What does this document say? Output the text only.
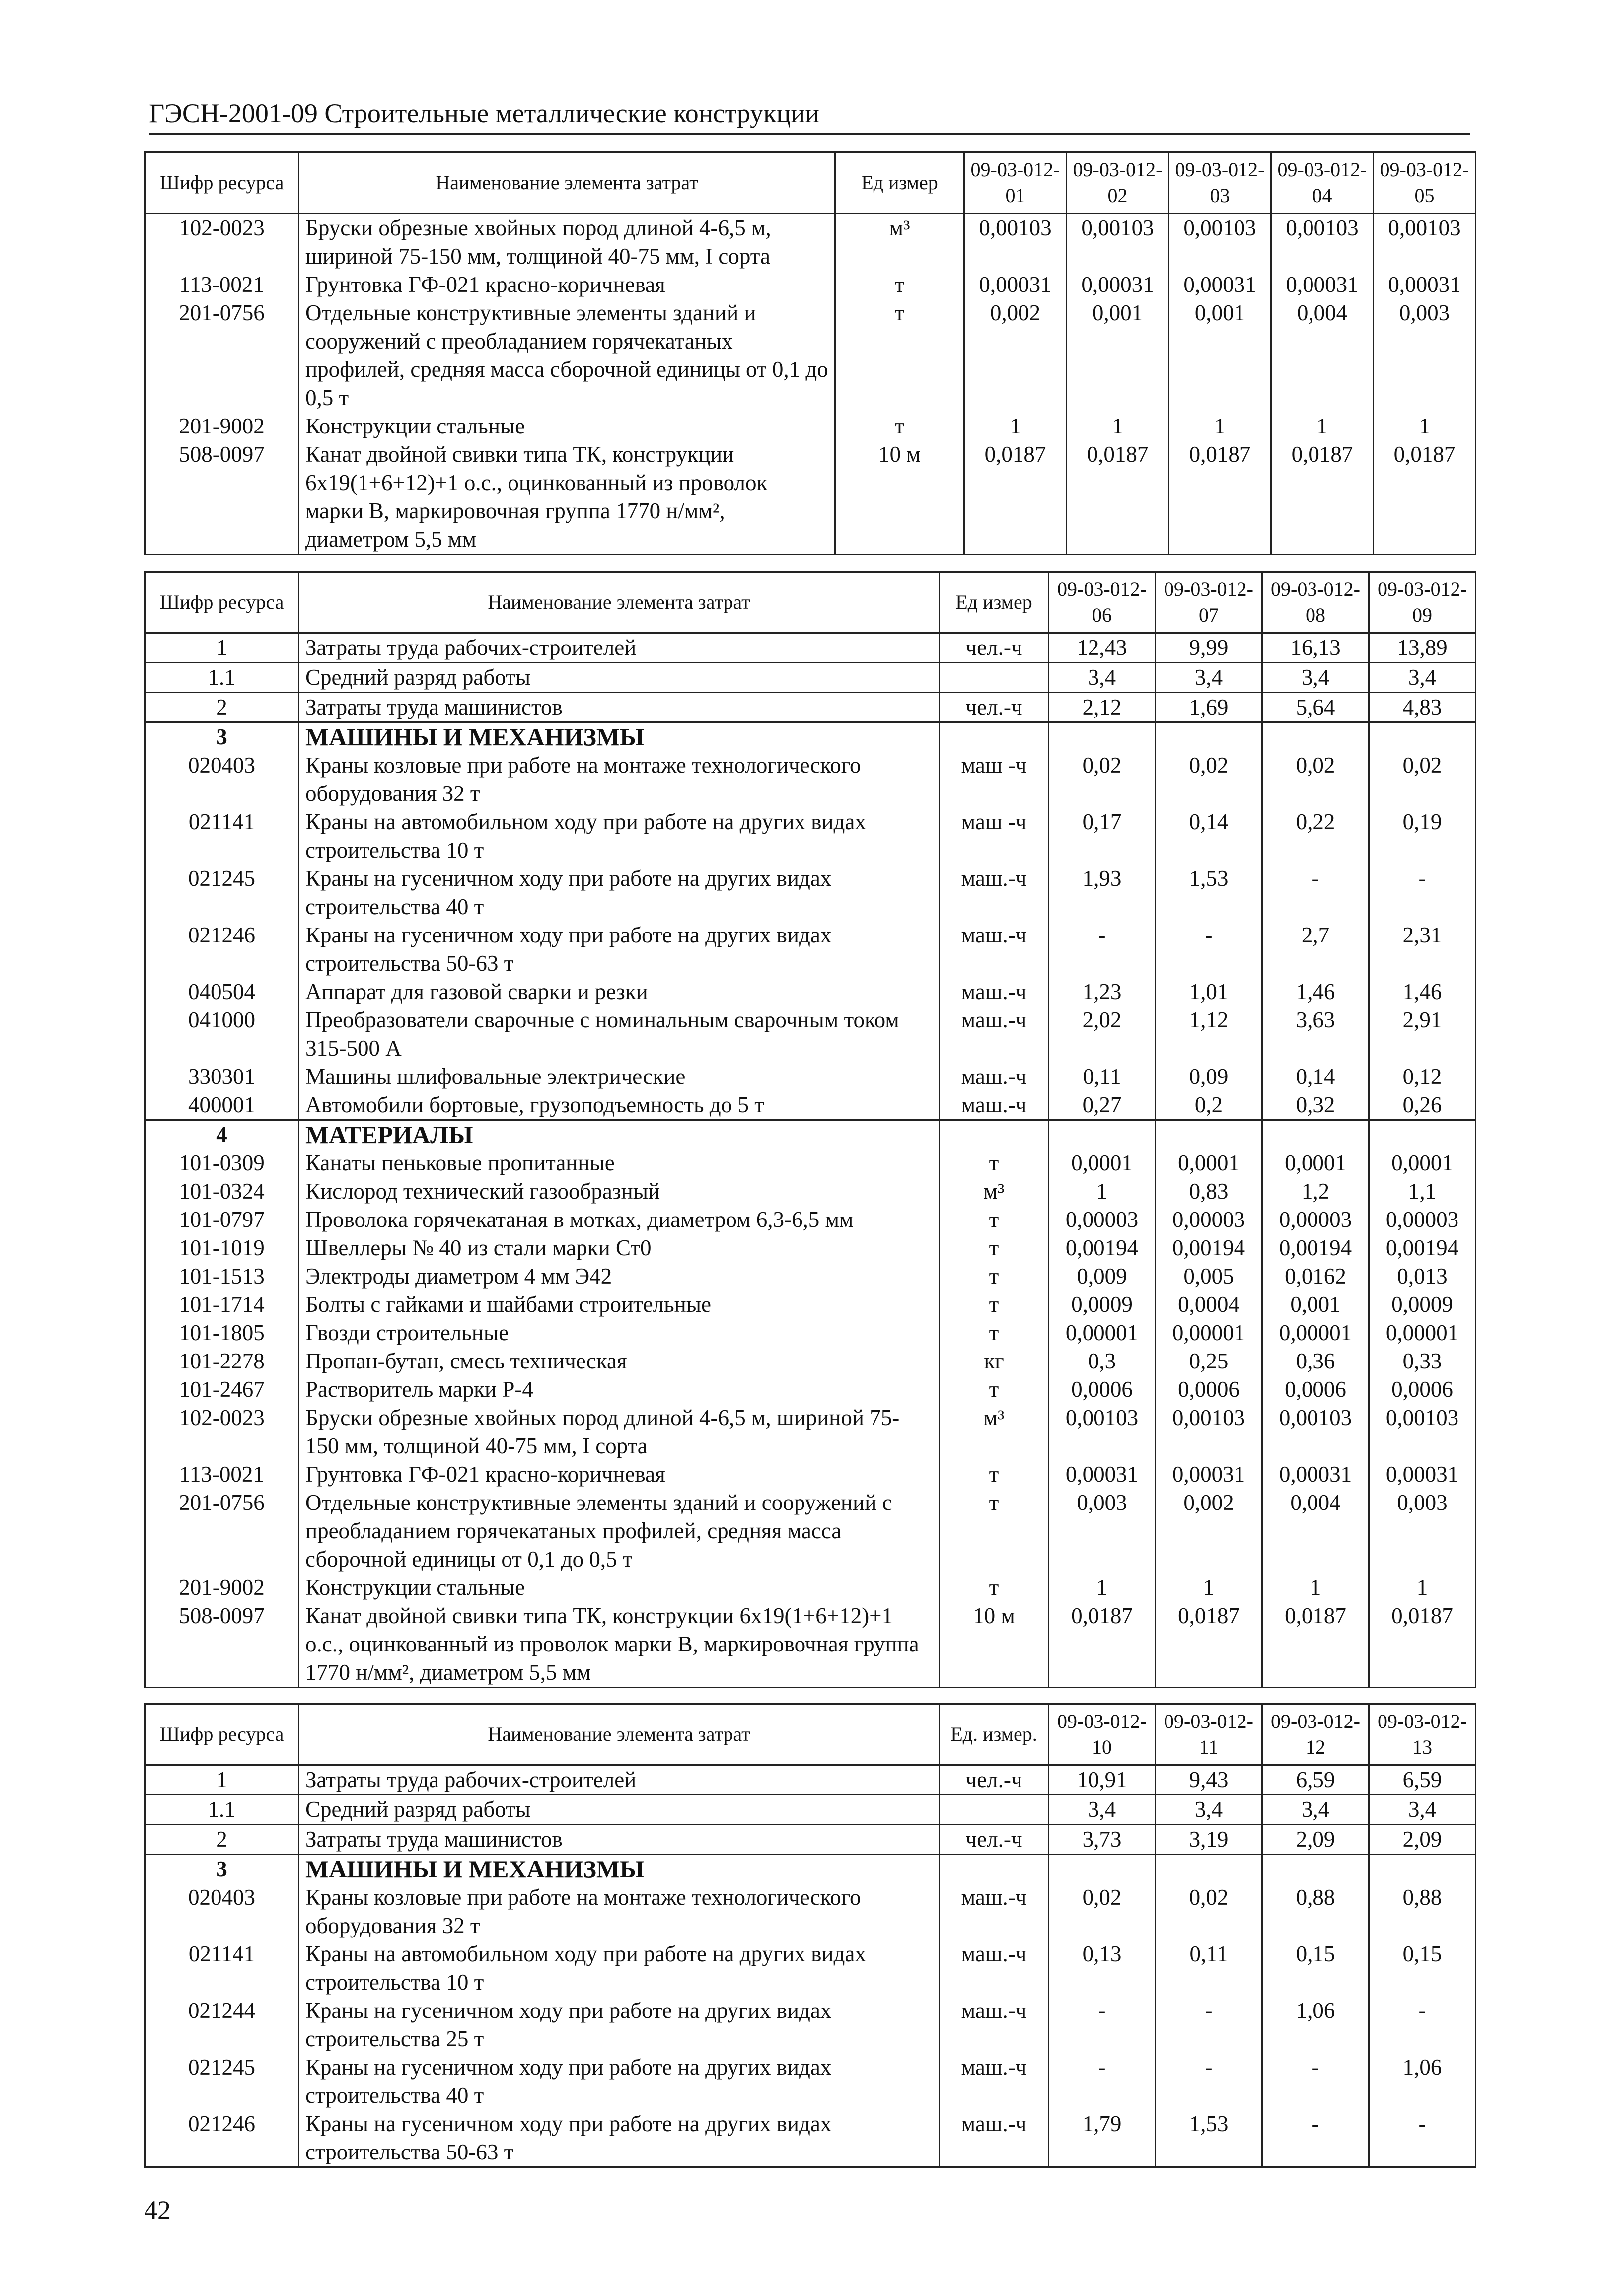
ГЭСН-2001-09 Строительные металлические конструкции
Шифр ресурса	Наименование элемента затрат	Ед измер	09-03-012-01	09-03-012-02	09-03-012-03	09-03-012-04	09-03-012-05
102-0023	Бруски обрезные хвойных пород длиной 4-6,5 м, шириной 75-150 мм, толщиной 40-75 мм, I сорта	м³	0,00103	0,00103	0,00103	0,00103	0,00103
113-0021	Грунтовка ГФ-021 красно-коричневая	т	0,00031	0,00031	0,00031	0,00031	0,00031
201-0756	Отдельные конструктивные элементы зданий и сооружений с преобладанием горячекатаных профилей, средняя масса сборочной единицы от 0,1 до 0,5 т	т	0,002	0,001	0,001	0,004	0,003
201-9002	Конструкции стальные	т	1	1	1	1	1
508-0097	Канат двойной свивки типа ТК, конструкции 6х19(1+6+12)+1 о.с., оцинкованный из проволок марки В, маркировочная группа 1770 н/мм², диаметром 5,5 мм	10 м	0,0187	0,0187	0,0187	0,0187	0,0187
Шифр ресурса	Наименование элемента затрат	Ед измер	09-03-012-06	09-03-012-07	09-03-012-08	09-03-012-09
1	Затраты труда рабочих-строителей	чел.-ч	12,43	9,99	16,13	13,89
1.1	Средний разряд работы		3,4	3,4	3,4	3,4
2	Затраты труда машинистов	чел.-ч	2,12	1,69	5,64	4,83
3	МАШИНЫ И МЕХАНИЗМЫ					
020403	Краны козловые при работе на монтаже технологического оборудования 32 т	маш -ч	0,02	0,02	0,02	0,02
021141	Краны на автомобильном ходу при работе на других видах строительства 10 т	маш -ч	0,17	0,14	0,22	0,19
021245	Краны на гусеничном ходу при работе на других видах строительства 40 т	маш.-ч	1,93	1,53	-	-
021246	Краны на гусеничном ходу при работе на других видах строительства 50-63 т	маш.-ч	-	-	2,7	2,31
040504	Аппарат для газовой сварки и резки	маш.-ч	1,23	1,01	1,46	1,46
041000	Преобразователи сварочные с номинальным сварочным током 315-500 А	маш.-ч	2,02	1,12	3,63	2,91
330301	Машины шлифовальные электрические	маш.-ч	0,11	0,09	0,14	0,12
400001	Автомобили бортовые, грузоподъемность до 5 т	маш.-ч	0,27	0,2	0,32	0,26
4	МАТЕРИАЛЫ					
101-0309	Канаты пеньковые пропитанные	т	0,0001	0,0001	0,0001	0,0001
101-0324	Кислород технический газообразный	м³	1	0,83	1,2	1,1
101-0797	Проволока горячекатаная в мотках, диаметром 6,3-6,5 мм	т	0,00003	0,00003	0,00003	0,00003
101-1019	Швеллеры № 40 из стали марки Ст0	т	0,00194	0,00194	0,00194	0,00194
101-1513	Электроды диаметром 4 мм Э42	т	0,009	0,005	0,0162	0,013
101-1714	Болты с гайками и шайбами строительные	т	0,0009	0,0004	0,001	0,0009
101-1805	Гвозди строительные	т	0,00001	0,00001	0,00001	0,00001
101-2278	Пропан-бутан, смесь техническая	кг	0,3	0,25	0,36	0,33
101-2467	Растворитель марки Р-4	т	0,0006	0,0006	0,0006	0,0006
102-0023	Бруски обрезные хвойных пород длиной 4-6,5 м, шириной 75-150 мм, толщиной 40-75 мм, I сорта	м³	0,00103	0,00103	0,00103	0,00103
113-0021	Грунтовка ГФ-021 красно-коричневая	т	0,00031	0,00031	0,00031	0,00031
201-0756	Отдельные конструктивные элементы зданий и сооружений с преобладанием горячекатаных профилей, средняя масса сборочной единицы от 0,1 до 0,5 т	т	0,003	0,002	0,004	0,003
201-9002	Конструкции стальные	т	1	1	1	1
508-0097	Канат двойной свивки типа ТК, конструкции 6х19(1+6+12)+1 о.с., оцинкованный из проволок марки В, маркировочная группа 1770 н/мм², диаметром 5,5 мм	10 м	0,0187	0,0187	0,0187	0,0187
Шифр ресурса	Наименование элемента затрат	Ед. измер.	09-03-012-10	09-03-012-11	09-03-012-12	09-03-012-13
1	Затраты труда рабочих-строителей	чел.-ч	10,91	9,43	6,59	6,59
1.1	Средний разряд работы		3,4	3,4	3,4	3,4
2	Затраты труда машинистов	чел.-ч	3,73	3,19	2,09	2,09
3	МАШИНЫ И МЕХАНИЗМЫ					
020403	Краны козловые при работе на монтаже технологического оборудования 32 т	маш.-ч	0,02	0,02	0,88	0,88
021141	Краны на автомобильном ходу при работе на других видах строительства 10 т	маш.-ч	0,13	0,11	0,15	0,15
021244	Краны на гусеничном ходу при работе на других видах строительства 25 т	маш.-ч	-	-	1,06	-
021245	Краны на гусеничном ходу при работе на других видах строительства 40 т	маш.-ч	-	-	-	1,06
021246	Краны на гусеничном ходу при работе на других видах строительства 50-63 т	маш.-ч	1,79	1,53	-	-
42
